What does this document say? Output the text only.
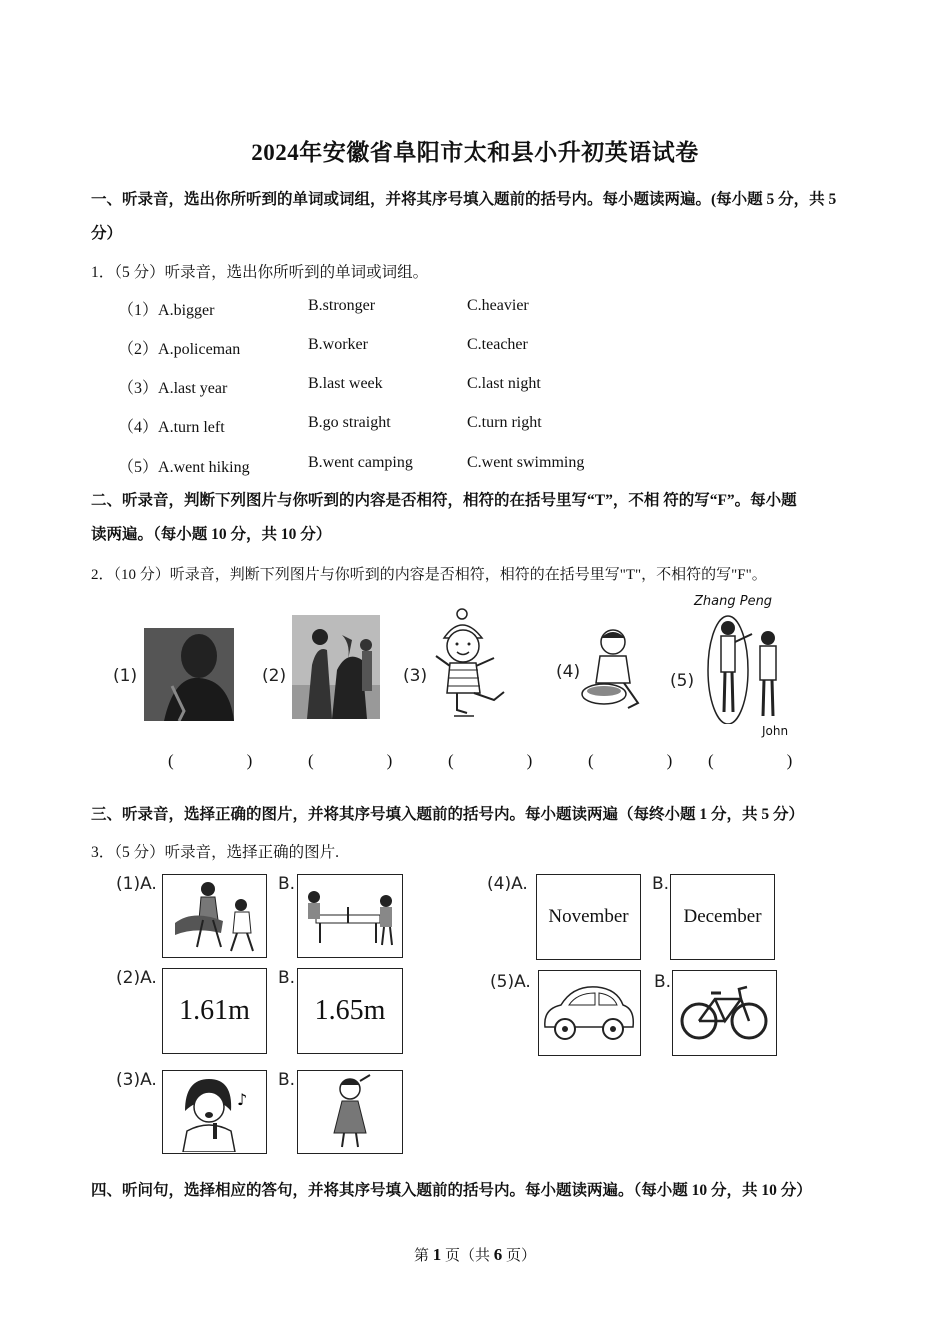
2024年安徽省阜阳市太和县小升初英语试卷
一、听录音，选出你所听到的单词或词组，并将其序号填入题前的括号内。每小题读两遍。(每小题 5 分，共 5
分）
1．（5 分）听录音，选出你所听到的单词或词组。
（1）A.bigger	B.stronger	C.heavier
（2）A.policeman	B.worker	C.teacher
（3）A.last year	B.last week	C.last night
（4）A.turn left	B.go straight	C.turn right
（5）A.went hiking	B.went camping	C.went swimming
二、听录音，判断下列图片与你听到的内容是否相符，相符的在括号里写“T”，不相 符的写“F”。每小题
读两遍。（每小题 10 分，共 10 分）
2．（10 分）听录音，判断下列图片与你听到的内容是否相符，相符的在括号里写"T"，不相符的写"F"。
(1)	(2)	(3)	(4)	(5)
Zhang Peng
John
(　) (　) (　) (　) (　)
三、听录音，选择正确的图片，并将其序号填入题前的括号内。每小题读两遍（每终小题 1 分，共 5 分）
3．（5 分）听录音，选择正确的图片.
(1)A.	B.
(2)A.
1.61m
B.
1.65m
(3)A.
♪
B.
(4)A.
November
B.
December
(5)A.	B.
四、听问句，选择相应的答句，并将其序号填入题前的括号内。每小题读两遍。（每小题 10 分，共 10 分）
第 1 页（共 6 页）
